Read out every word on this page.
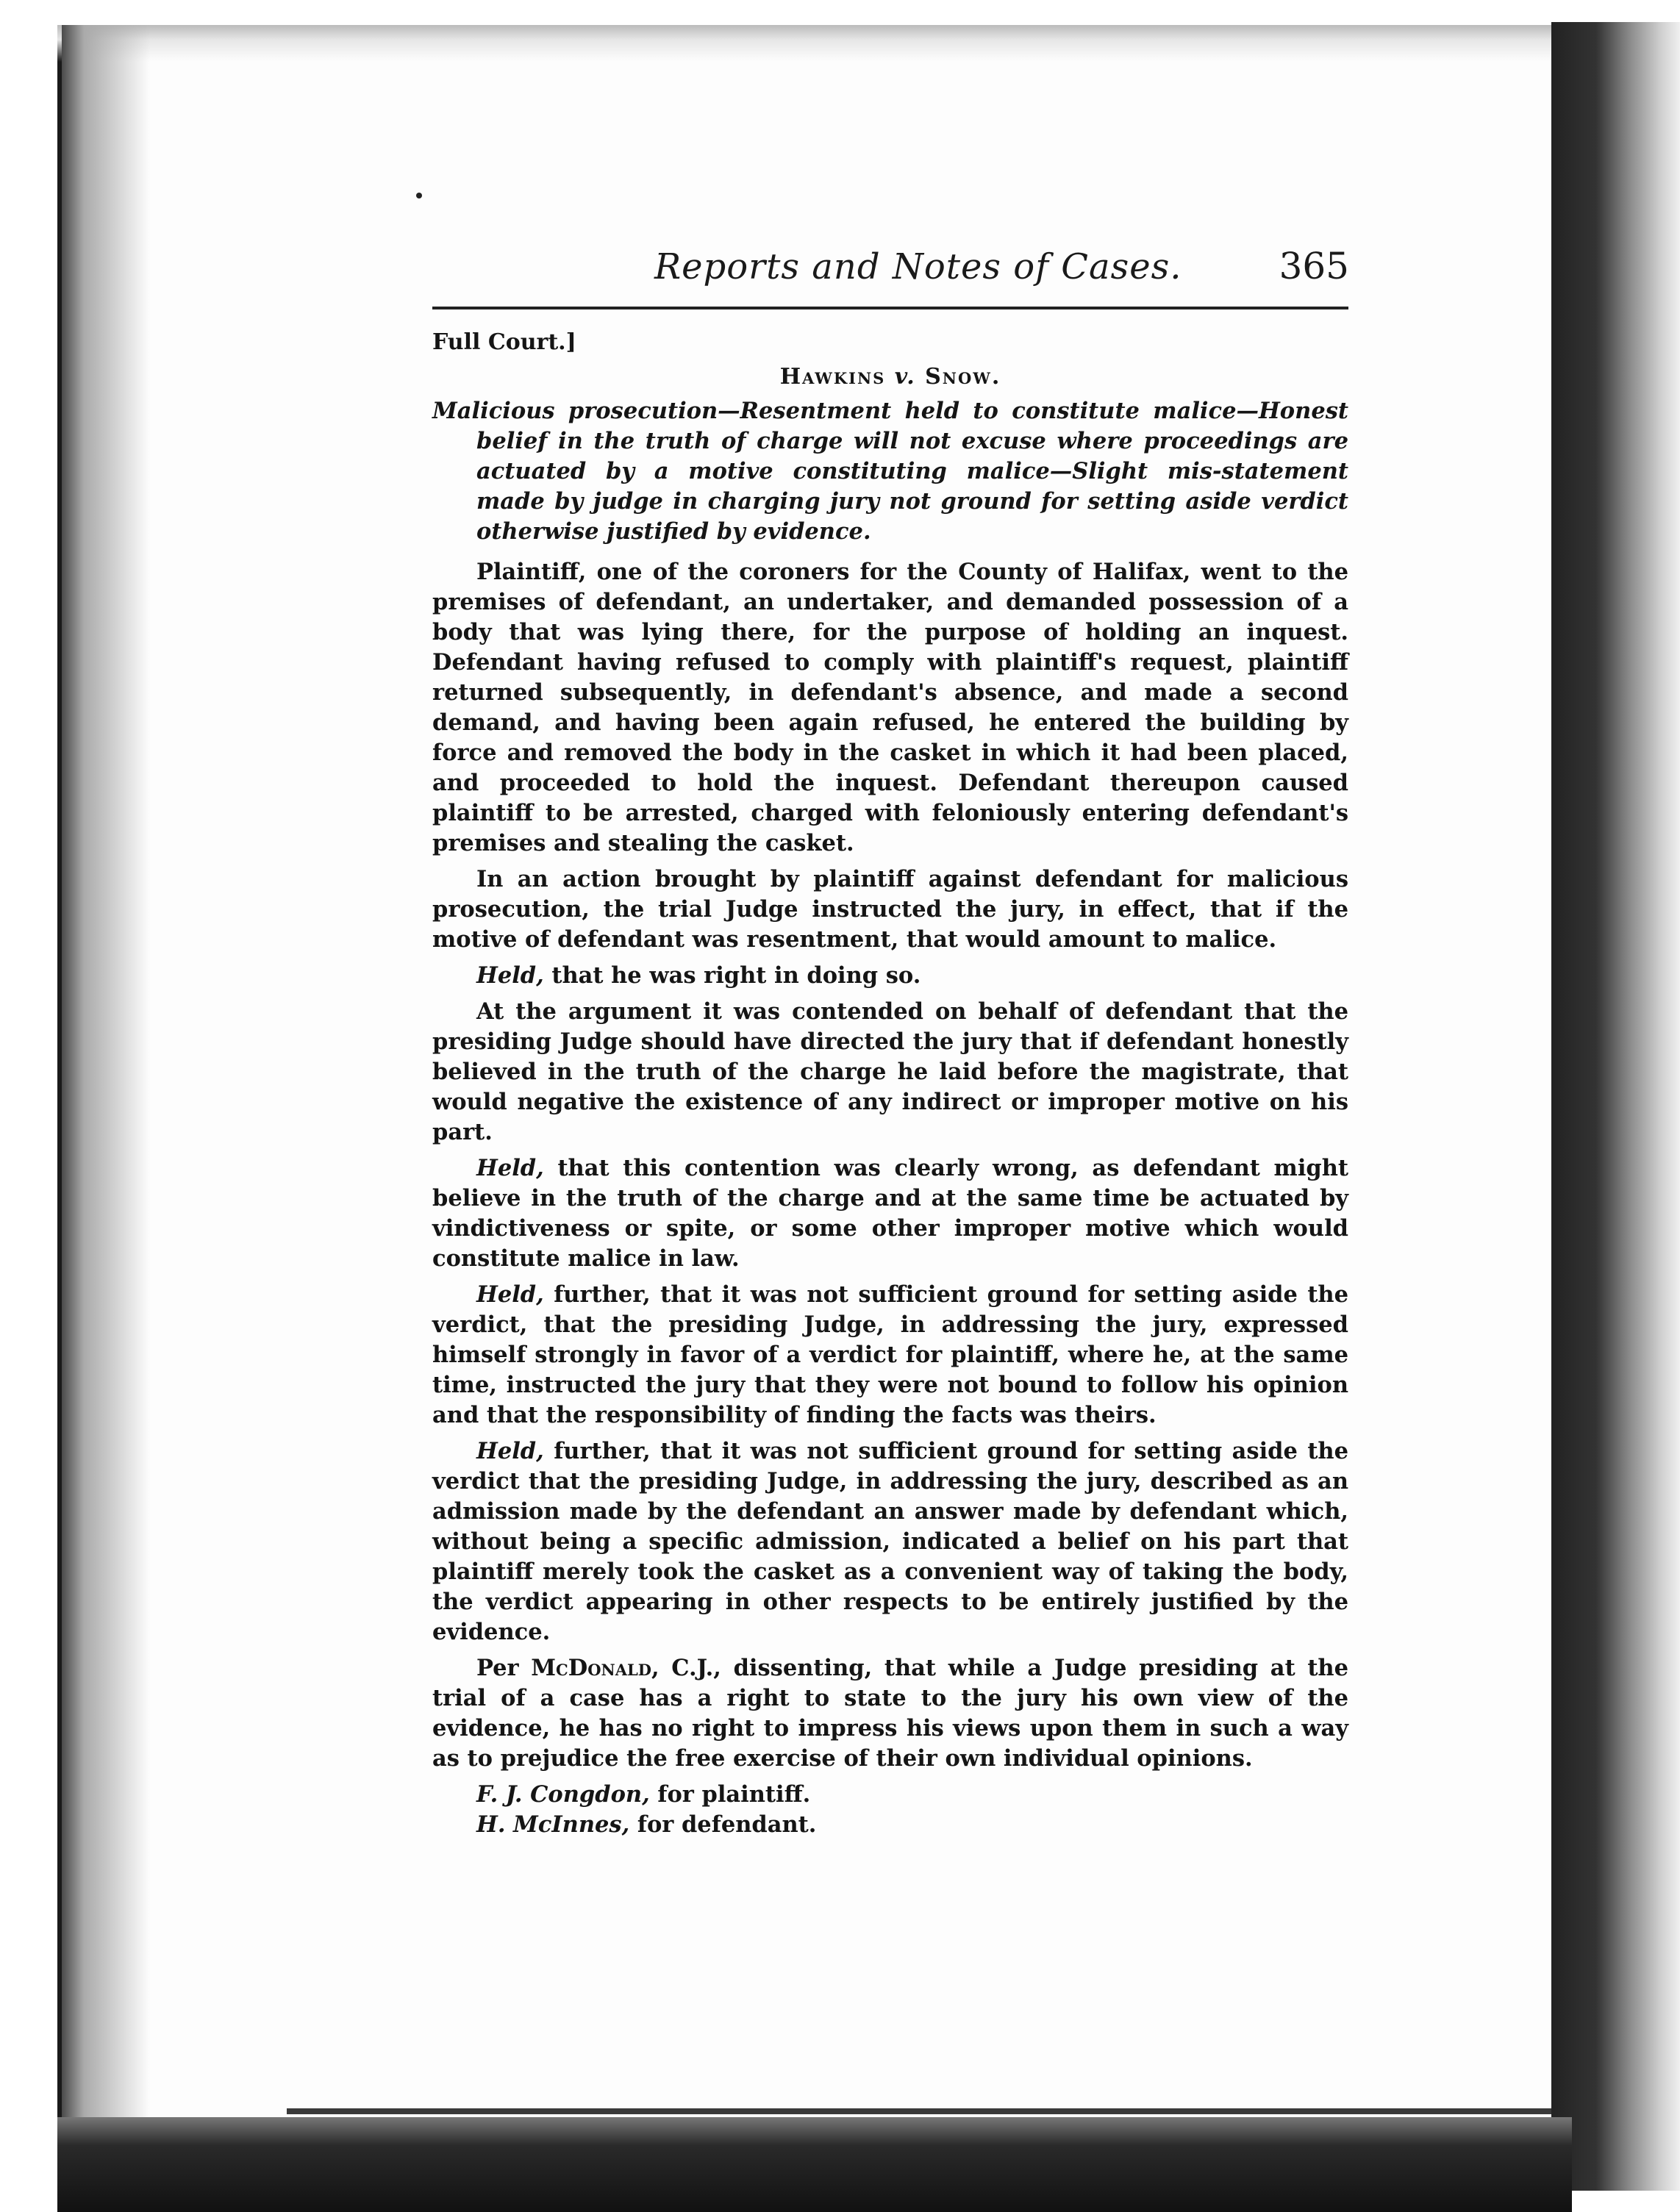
Reports and Notes of Cases.	365

Full Court.]

Hawkins v. Snow.

Malicious prosecution—Resentment held to constitute malice—Honest belief in the truth of charge will not excuse where proceedings are actuated by a motive constituting malice—Slight mis-statement made by judge in charging jury not ground for setting aside verdict otherwise justified by evidence.

Plaintiff, one of the coroners for the County of Halifax, went to the premises of defendant, an undertaker, and demanded possession of a body that was lying there, for the purpose of holding an inquest. Defendant having refused to comply with plaintiff's request, plaintiff returned subsequently, in defendant's absence, and made a second demand, and having been again refused, he entered the building by force and removed the body in the casket in which it had been placed, and proceeded to hold the inquest. Defendant thereupon caused plaintiff to be arrested, charged with feloniously entering defendant's premises and stealing the casket.

In an action brought by plaintiff against defendant for malicious prosecution, the trial Judge instructed the jury, in effect, that if the motive of defendant was resentment, that would amount to malice.

Held, that he was right in doing so.

At the argument it was contended on behalf of defendant that the presiding Judge should have directed the jury that if defendant honestly believed in the truth of the charge he laid before the magistrate, that would negative the existence of any indirect or improper motive on his part.

Held, that this contention was clearly wrong, as defendant might believe in the truth of the charge and at the same time be actuated by vindictiveness or spite, or some other improper motive which would constitute malice in law.

Held, further, that it was not sufficient ground for setting aside the verdict, that the presiding Judge, in addressing the jury, expressed himself strongly in favor of a verdict for plaintiff, where he, at the same time, instructed the jury that they were not bound to follow his opinion and that the responsibility of finding the facts was theirs.

Held, further, that it was not sufficient ground for setting aside the verdict that the presiding Judge, in addressing the jury, described as an admission made by the defendant an answer made by defendant which, without being a specific admission, indicated a belief on his part that plaintiff merely took the casket as a convenient way of taking the body, the verdict appearing in other respects to be entirely justified by the evidence.

Per McDonald, C.J., dissenting, that while a Judge presiding at the trial of a case has a right to state to the jury his own view of the evidence, he has no right to impress his views upon them in such a way as to prejudice the free exercise of their own individual opinions.

F. J. Congdon, for plaintiff.

H. McInnes, for defendant.
